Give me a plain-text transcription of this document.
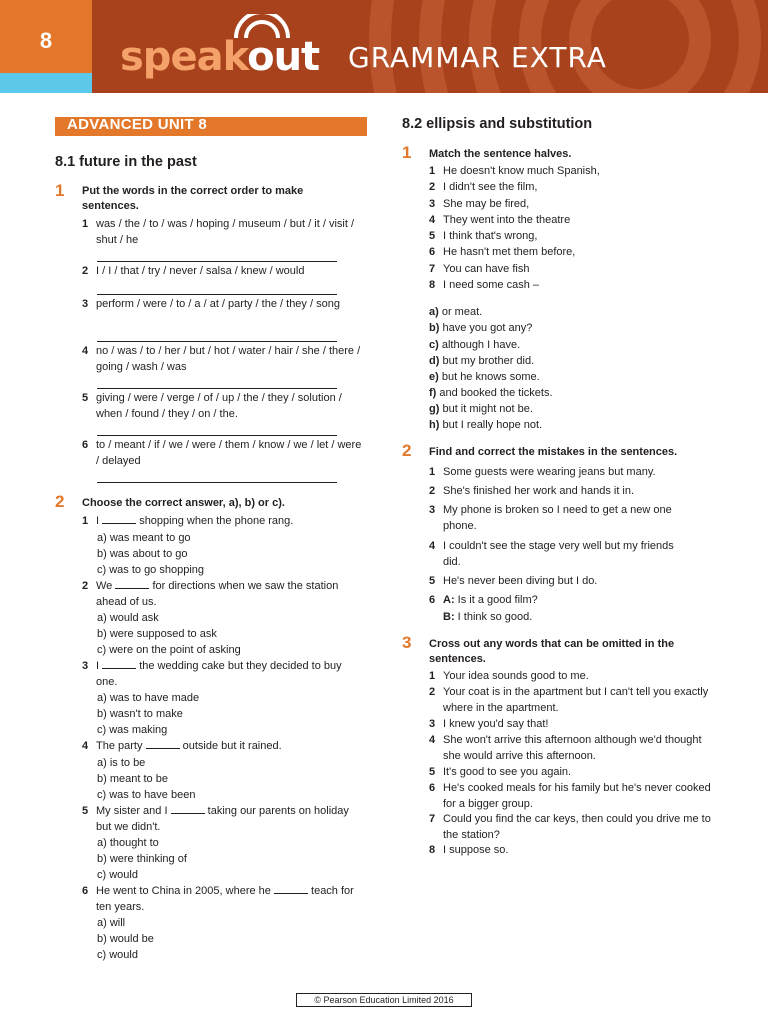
8	speakout GRAMMAR EXTRA
ADVANCED UNIT 8
8.1 future in the past
1 Put the words in the correct order to make sentences.
1 was / the / to / was / hoping / museum / but / it / visit / shut / he
2 I / I / that / try / never / salsa / knew / would
3 perform / were / to / a / at / party / the / they / song
4 no / was / to / her / but / hot / water / hair / she / there / going / wash / was
5 giving / were / verge / of / up / the / they / solution / when / found / they / on / the.
6 to / meant / if / we / were / them / know / we / let / were / delayed
2 Choose the correct answer, a), b) or c).
1 I	shopping when the phone rang.
a) was meant to go
b) was about to go
c) was to go shopping
2 We	for directions when we saw the station ahead of us.
a) would ask
b) were supposed to ask
c) were on the point of asking
3 I	the wedding cake but they decided to buy one.
a) was to have made
b) wasn't to make
c) was making
4 The party	outside but it rained.
a) is to be
b) meant to be
c) was to have been
5 My sister and I	taking our parents on holiday but we didn't.
a) thought to
b) were thinking of
c) would
6 He went to China in 2005, where he	teach for ten years.
a) will
b) would be
c) would
8.2 ellipsis and substitution
1 Match the sentence halves.
1 He doesn't know much Spanish,
2 I didn't see the film,
3 She may be fired,
4 They went into the theatre
5 I think that's wrong,
6 He hasn't met them before,
7 You can have fish
8 I need some cash –
a) or meat.
b) have you got any?
c) although I have.
d) but my brother did.
e) but he knows some.
f) and booked the tickets.
g) but it might not be.
h) but I really hope not.
2 Find and correct the mistakes in the sentences.
1 Some guests were wearing jeans but many.
2 She's finished her work and hands it in.
3 My phone is broken so I need to get a new one phone.
4 I couldn't see the stage very well but my friends did.
5 He's never been diving but I do.
6 A: Is it a good film?
B: I think so good.
3 Cross out any words that can be omitted in the sentences.
1 Your idea sounds good to me.
2 Your coat is in the apartment but I can't tell you exactly where in the apartment.
3 I knew you'd say that!
4 She won't arrive this afternoon although we'd thought she would arrive this afternoon.
5 It's good to see you again.
6 He's cooked meals for his family but he's never cooked for a bigger group.
7 Could you find the car keys, then could you drive me to the station?
8 I suppose so.
© Pearson Education Limited 2016
